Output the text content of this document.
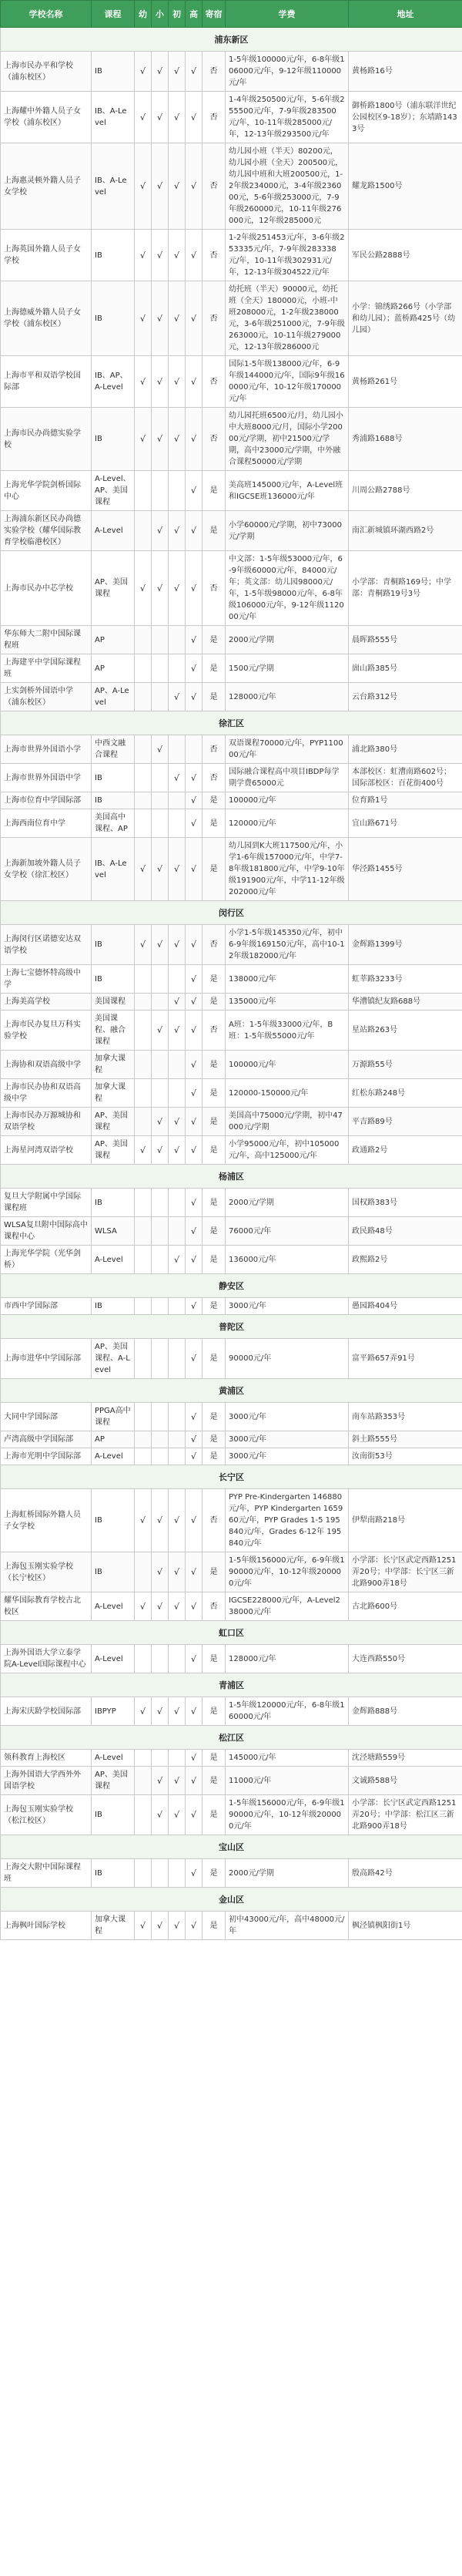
学校名称	课程	幼	小	初	高	寄宿	学费	地址
浦东新区								
上海市民办平和学校（浦东校区）	IB	√	√	√	√	否	1-5年级100000元/年，6-8年级106000元/年，9-12年级110000元/年	黄杨路16号
上海耀中外籍人员子女学校（浦东校区）	IB、A-Level	√	√	√	√	否	1-4年级250500元/年，5-6年级255500元/年，7-9年级283500元/年，10-11年级285000元/年，12-13年级293500元/年	御桥路1800号（浦东联洋世纪公园校区9-18岁）；东靖路1433号
上海惠灵顿外籍人员子女学校	IB、A-Level	√	√	√	√	否	幼儿园小班（半天）80200元，幼儿园小班（全天）200500元，幼儿园中班和大班200500元，1-2年级234000元，3-4年级236000元，5-6年级253000元，7-9年级260000元，10-11年级276000元，12年级285000元	耀龙路1500号
上海英国外籍人员子女学校	IB	√	√	√	√	否	1-2年级251453元/年，3-6年级253335元/年，7-9年级283338元/年，10-11年级302931元/年，12-13年级304522元/年	军民公路2888号
上海德威外籍人员子女学校（浦东校区）	IB	√	√	√	√	否	幼托班（半天）90000元，幼托班（全天）180000元，小班-中班208000元，1-2年级238000元，3-6年级251000元，7-9年级263000元，10-11年级279000元，12-13年级286000元	小学：锦绣路266号（小学部和幼儿园）；蓝桥路425号（幼儿园）
上海市平和双语学校国际部	IB、AP、A-Level	√	√	√	√	否	国际1-5年级138000元/年，6-9年级144000元/年，国际9年级160000元/年，10-12年级170000元/年	黄杨路261号
上海市民办尚德实验学校	IB	√	√	√	√	否	幼儿园托班6500元/月，幼儿园小中大班8000元/月，国际小学20000元/学期，初中21500元/学期，高中23000元/学期，中外融合课程50000元/学期	秀浦路1688号
上海光华学院剑桥国际中心	A-Level、AP、美国课程				√	是	美高班145000元/年，A-Level班和IGCSE班136000元/年	川周公路2788号
上海浦东新区民办尚德实验学校（耀华国际教育学校临港校区）	A-Level		√	√	√	是	小学60000元/学期，初中73000元/学期	南汇新城镇环湖西路2号
上海市民办中芯学校	AP、美国课程	√	√	√	√	否	中文部：1-5年级53000元/年，6-9年级60000元/年，84000元/年；英文部：幼儿园98000元/年，1-5年级98000元/年，6-8年级106000元/年，9-12年级112000元/年	小学部：青桐路169号；中学部：青桐路19号3号
华东师大二附中国际课程班	AP				√	是	2000元/学期	晨晖路555号
上海建平中学国际课程班	AP				√	是	1500元/学期	崮山路385号
上实剑桥外国语中学（浦东校区）	AP、A-Level			√	√	是	128000元/年	云台路312号
徐汇区								
上海市世界外国语小学	中西文融合课程		√			否	双语课程70000元/年，PYP110000元/年	浦北路380号
上海市世界外国语中学	IB			√	√	否	国际融合课程高中项目IBDP每学期学费65000元	本部校区：虹漕南路602号；国际部校区：百花街400号
上海市位育中学国际部	IB				√	是	100000元/年	位育路1号
上海西南位育中学	美国高中课程、AP				√	是	120000元/年	宜山路671号
上海新加坡外籍人员子女学校（徐汇校区）	IB、A-Level	√	√	√	√	是	幼儿园到K大班117500元/年，小学1-6年级157000元/年，中学7-8年级181800元/年，中学9-10年级191900元/年，中学11-12年级202000元/年	华泾路1455号
闵行区								
上海闵行区诺德安达双语学校	IB	√	√	√	√	否	小学1-5年级145350元/年，初中6-9年级169150元/年，高中10-12年级182000元/年	金辉路1399号
上海七宝德怀特高级中学	IB				√	是	138000元/年	虹莘路3233号
上海美高学校	美国课程			√	√	是	135000元/年	华漕镇纪友路688号
上海市民办复旦万科实验学校	美国课程、融合课程		√	√	√	否	A班：1-5年级33000元/年，B班：1-5年级55000元/年	星站路263号
上海协和双语高级中学	加拿大课程				√	是	100000元/年	万源路55号
上海市民办协和双语高级中学	加拿大课程				√	是	120000-150000元/年	红松东路248号
上海市民办万源城协和双语学校	AP、美国课程		√	√	√	是	美国高中75000元/学期，初中47000元/学期	平吉路89号
上海星河湾双语学校	AP、美国课程	√	√	√	√	是	小学95000元/年，初中105000元/年，高中125000元/年	政通路2号
杨浦区								
复旦大学附属中学国际课程班	IB				√	是	2000元/学期	国权路383号
WLSA复旦附中国际高中课程中心	WLSA				√	是	76000元/年	政民路48号
上海光华学院（光华剑桥）	A-Level			√	√	是	136000元/年	政熙路2号
静安区								
市西中学国际部	IB				√	是	3000元/年	愚园路404号
普陀区								
上海市进华中学国际部	AP、美国课程、A-Level				√	是	90000元/年	富平路657弄91号
黄浦区								
大同中学国际部	PPGA高中课程				√	是	3000元/年	南车站路353号
卢湾高级中学国际部	AP				√	是	3000元/年	斜土路555号
上海市光明中学国际部	A-Level				√	是	3000元/年	汝南街53号
长宁区								
上海虹桥国际外籍人员子女学校	IB	√	√	√	√	否	PYP Pre-Kindergarten 146880元/年，PYP Kindergarten 165960元/年，PYP Grades 1-5 195840元/年，Grades 6-12年 195840元/年	伊犁南路218号
上海包玉刚实验学校（长宁校区）	IB		√	√	√	是	1-5年级156000元/年，6-9年级190000元/年，10-12年级200000元/年	小学部：长宁区武定西路1251弄20号；中学部：长宁区三新北路900弄18号
耀华国际教育学校古北校区	A-Level	√	√	√	√	否	IGCSE228000元/年，A-Level238000元/年	古北路600号
虹口区								
上海外国语大学立泰学院A-Level国际课程中心	A-Level				√	是	128000元/年	大连西路550号
青浦区								
上海宋庆龄学校国际部	IBPYP	√	√	√	√	是	1-5年级120000元/年，6-8年级160000元/年	金辉路888号
松江区								
领科教育上海校区	A-Level				√	是	145000元/年	沈泾塘路559号
上海外国语大学西外外国语学校	AP、美国课程		√	√	√	是	11000元/年	文诚路588号
上海包玉刚实验学校（松江校区）	IB		√	√	√	是	1-5年级156000元/年，6-9年级190000元/年，10-12年级200000元/年	小学部：长宁区武定西路1251弄20号；中学部：松江区三新北路900弄18号
宝山区								
上海交大附中国际课程班	IB				√	是	2000元/学期	殷高路42号
金山区								
上海枫叶国际学校	加拿大课程	√	√	√	√	是	初中43000元/年，高中48000元/年	枫泾镇枫阳街1号
